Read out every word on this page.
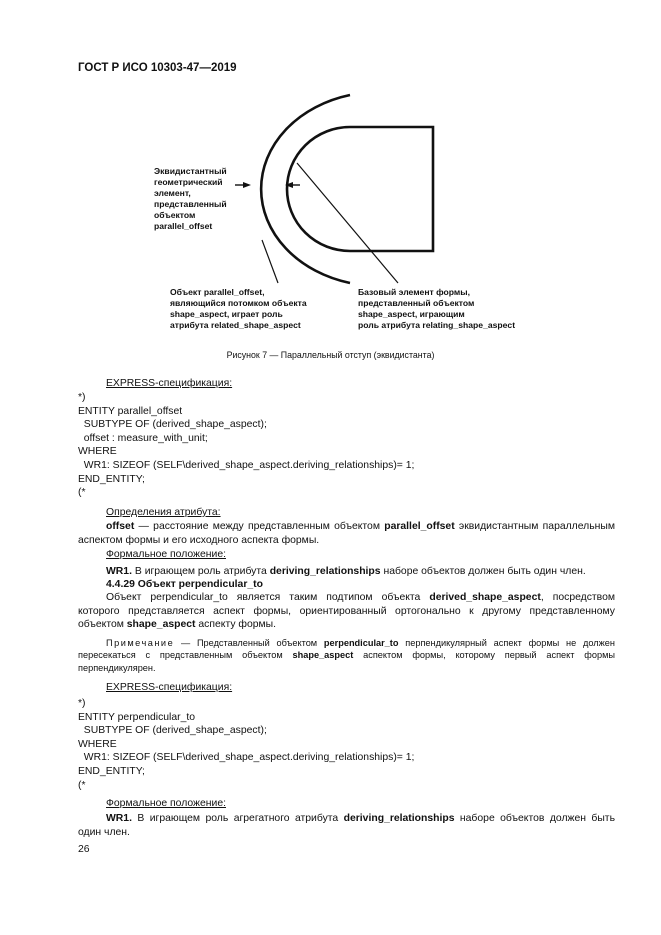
ГОСТ Р ИСО 10303-47—2019
Эквидистантный
геометрический
элемент,
представленный
объектом
parallel_offset
Объект parallel_offset,
являющийся потомком объекта
shape_aspect, играет роль
атрибута related_shape_aspect
Базовый элемент формы,
представленный объектом
shape_aspect, играющим
роль атрибута relating_shape_aspect
Рисунок 7 — Параллельный отступ (эквидистанта)
EXPRESS-спецификация:
*)
ENTITY parallel_offset
SUBTYPE OF (derived_shape_aspect);
offset : measure_with_unit;
WHERE
WR1: SIZEOF (SELF\derived_shape_aspect.deriving_relationships)= 1;
END_ENTITY;
(*
Определения атрибута:
offset — расстояние между представленным объектом parallel_offset эквидистантным параллельным аспектом формы и его исходного аспекта формы.
Формальное положение:
WR1. В играющем роль атрибута deriving_relationships наборе объектов должен быть один член.
4.4.29 Объект perpendicular_to
Объект perpendicular_to является таким подтипом объекта derived_shape_aspect, посредством которого представляется аспект формы, ориентированный ортогонально к другому представленному объектом shape_aspect аспекту формы.
Примечание — Представленный объектом perpendicular_to перпендикулярный аспект формы не должен пересекаться с представленным объектом shape_aspect аспектом формы, которому первый аспект формы перпендикулярен.
EXPRESS-спецификация:
*)
ENTITY perpendicular_to
SUBTYPE OF (derived_shape_aspect);
WHERE
WR1: SIZEOF (SELF\derived_shape_aspect.deriving_relationships)= 1;
END_ENTITY;
(*
Формальное положение:
WR1. В играющем роль агрегатного атрибута deriving_relationships наборе объектов должен быть один член.
26
